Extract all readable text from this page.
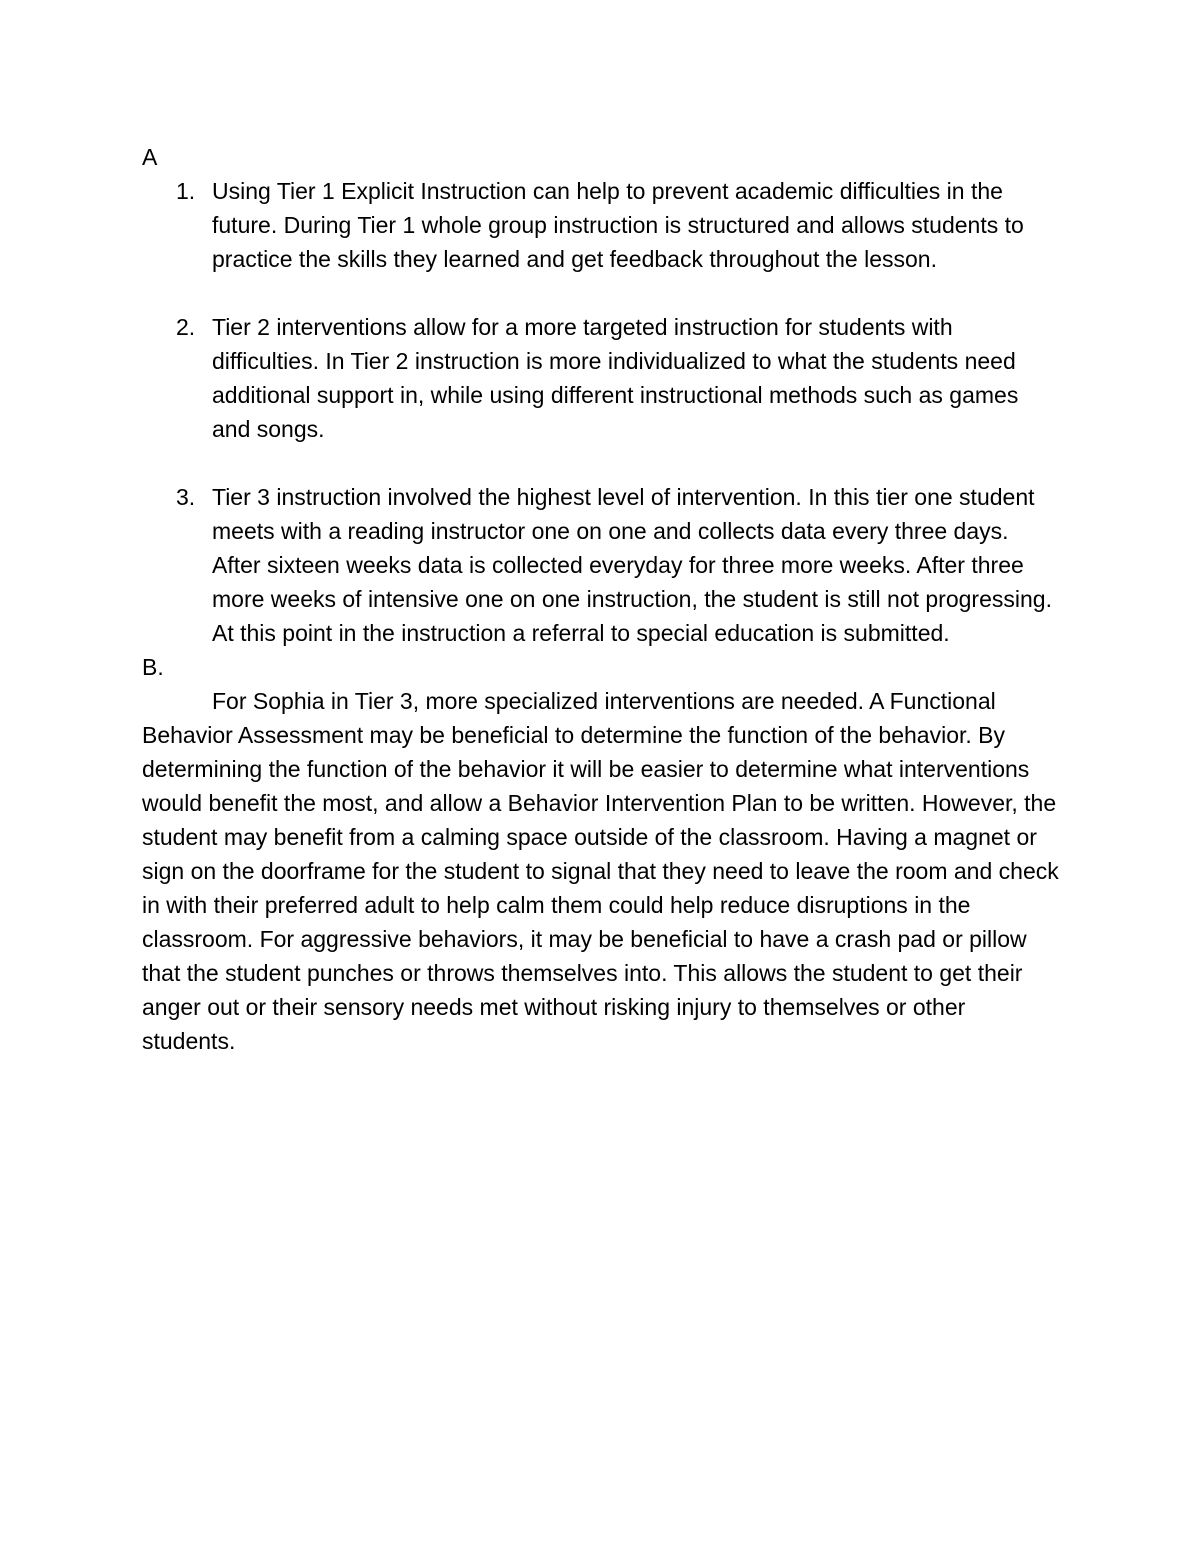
A

1. Using Tier 1 Explicit Instruction can help to prevent academic difficulties in the future. During Tier 1 whole group instruction is structured and allows students to practice the skills they learned and get feedback throughout the lesson.
2. Tier 2 interventions allow for a more targeted instruction for students with difficulties. In Tier 2 instruction is more individualized to what the students need additional support in, while using different instructional methods such as games and songs.
3. Tier 3 instruction involved the highest level of intervention. In this tier one student meets with a reading instructor one on one and collects data every three days. After sixteen weeks data is collected everyday for three more weeks. After three more weeks of intensive one on one instruction, the student is still not progressing. At this point in the instruction a referral to special education is submitted.

B.

For Sophia in Tier 3, more specialized interventions are needed. A Functional Behavior Assessment may be beneficial to determine the function of the behavior. By determining the function of the behavior it will be easier to determine what interventions would benefit the most, and allow a Behavior Intervention Plan to be written. However, the student may benefit from a calming space outside of the classroom. Having a magnet or sign on the doorframe for the student to signal that they need to leave the room and check in with their preferred adult to help calm them could help reduce disruptions in the classroom. For aggressive behaviors, it may be beneficial to have a crash pad or pillow that the student punches or throws themselves into. This allows the student to get their anger out or their sensory needs met without risking injury to themselves or other students.
